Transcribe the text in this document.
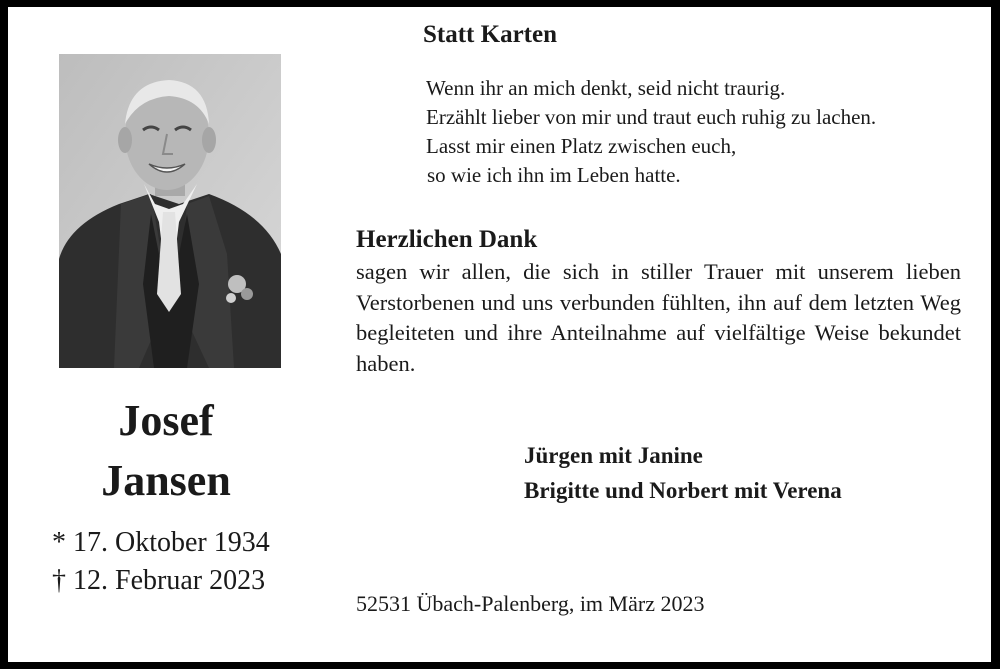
Josef
Jansen
* 17. Oktober 1934
† 12. Februar 2023
Statt Karten
Wenn ihr an mich denkt, seid nicht traurig.
Erzählt lieber von mir und traut euch ruhig zu lachen.
Lasst mir einen Platz zwischen euch,
so wie ich ihn im Leben hatte.
Herzlichen Dank
sagen wir allen, die sich in stiller Trauer mit unserem lieben Verstorbenen und uns verbunden fühlten, ihn auf dem letzten Weg begleiteten und ihre Anteilnahme auf vielfältige Weise bekundet haben.
Jürgen mit Janine
Brigitte und Norbert mit Verena
52531 Übach-Palenberg, im März 2023
